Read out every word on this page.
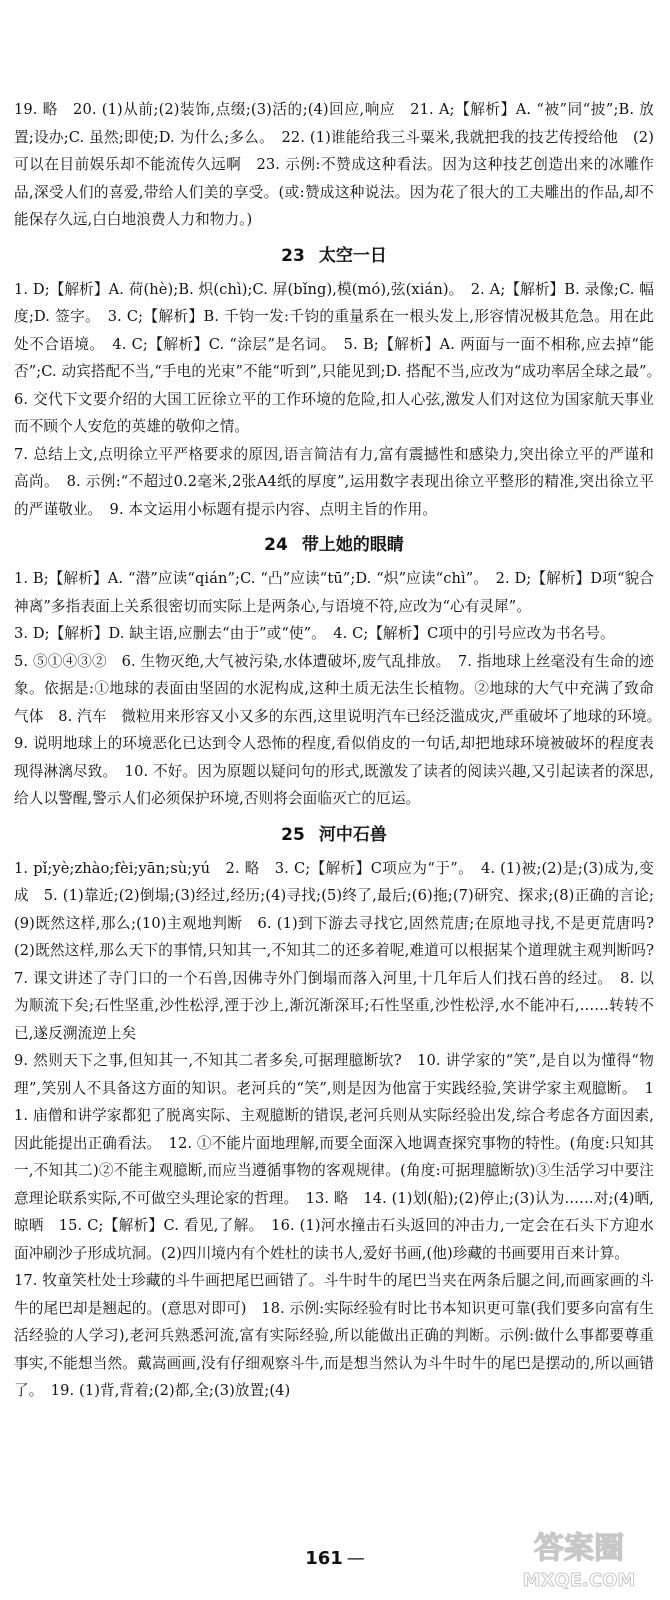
19. 略　20. (1)从前;(2)装饰,点缀;(3)活的;(4)回应,响应　21. A;【解析】A. “被”同“披”;B. 放置;设办;C. 虽然;即使;D. 为什么;多么。　22. (1)谁能给我三斗粟米,我就把我的技艺传授给他　(2)可以在目前娱乐却不能流传久远啊　23. 示例:不赞成这种看法。因为这种技艺创造出来的冰雕作品,深受人们的喜爱,带给人们美的享受。(或:赞成这种说法。因为花了很大的工夫雕出的作品,却不能保存久远,白白地浪费人力和物力。)

23 太空一日

1. D;【解析】A. 荷(hè);B. 炽(chì);C. 屏(bǐng),模(mó),弦(xián)。　2. A;【解析】B. 录像;C. 幅度;D. 签字。　3. C;【解析】B. 千钧一发:千钧的重量系在一根头发上,形容情况极其危急。用在此处不合语境。　4. C;【解析】C. “涂层”是名词。　5. B;【解析】A. 两面与一面不相称,应去掉“能否”;C. 动宾搭配不当,“手电的光束”不能“听到”,只能见到;D. 搭配不当,应改为“成功率居全球之最”。　6. 交代下文要介绍的大国工匠徐立平的工作环境的危险,扣人心弦,激发人们对这位为国家航天事业而不顾个人安危的英雄的敬仰之情。

7. 总结上文,点明徐立平严格要求的原因,语言简洁有力,富有震撼性和感染力,突出徐立平的严谨和高尚。　8. 示例:“不超过0.2毫米,2张A4纸的厚度”,运用数字表现出徐立平整形的精准,突出徐立平的严谨敬业。　9. 本文运用小标题有提示内容、点明主旨的作用。

24 带上她的眼睛

1. B;【解析】A. “潜”应读“qián”;C. “凸”应读“tū”;D. “炽”应读“chì”。　2. D;【解析】D项“貌合神离”多指表面上关系很密切而实际上是两条心,与语境不符,应改为“心有灵犀”。

3. D;【解析】D. 缺主语,应删去“由于”或“使”。　4. C;【解析】C项中的引号应改为书名号。

5. ⑤①④③②　6. 生物灭绝,大气被污染,水体遭破坏,废气乱排放。　7. 指地球上丝毫没有生命的迹象。依据是:①地球的表面由坚固的水泥构成,这种土质无法生长植物。②地球的大气中充满了致命气体　8. 汽车　微粒用来形容又小又多的东西,这里说明汽车已经泛滥成灾,严重破坏了地球的环境。　9. 说明地球上的环境恶化已达到令人恐怖的程度,看似俏皮的一句话,却把地球环境被破坏的程度表现得淋漓尽致。　10. 不好。因为原题以疑问句的形式,既激发了读者的阅读兴趣,又引起读者的深思,给人以警醒,警示人们必须保护环境,否则将会面临灭亡的厄运。

25 河中石兽

1. pǐ;yè;zhào;fèi;yān;sù;yú　2. 略　3. C;【解析】C项应为“于”。　4. (1)被;(2)是;(3)成为,变成　5. (1)靠近;(2)倒塌;(3)经过,经历;(4)寻找;(5)终了,最后;(6)拖;(7)研究、探求;(8)正确的言论;(9)既然这样,那么;(10)主观地判断　6. (1)到下游去寻找它,固然荒唐;在原地寻找,不是更荒唐吗?(2)既然这样,那么天下的事情,只知其一,不知其二的还多着呢,难道可以根据某个道理就主观判断吗?　7. 课文讲述了寺门口的一个石兽,因佛寺外门倒塌而落入河里,十几年后人们找石兽的经过。　8. 以为顺流下矣;石性坚重,沙性松浮,湮于沙上,渐沉渐深耳;石性坚重,沙性松浮,水不能冲石,……转转不已,遂反溯流逆上矣

9. 然则天下之事,但知其一,不知其二者多矣,可据理臆断欤?　10. 讲学家的“笑”,是自以为懂得“物理”,笑别人不具备这方面的知识。老河兵的“笑”,则是因为他富于实践经验,笑讲学家主观臆断。　11. 庙僧和讲学家都犯了脱离实际、主观臆断的错误,老河兵则从实际经验出发,综合考虑各方面因素,因此能提出正确看法。　12. ①不能片面地理解,而要全面深入地调查探究事物的特性。(角度:只知其一,不知其二)②不能主观臆断,而应当遵循事物的客观规律。(角度:可据理臆断欤)③生活学习中要注意理论联系实际,不可做空头理论家的哲理。　13. 略　14. (1)划(船);(2)停止;(3)认为……对;(4)晒,晾晒　15. C;【解析】C. 看见,了解。　16. (1)河水撞击石头返回的冲击力,一定会在石头下方迎水面冲刷沙子形成坑洞。(2)四川境内有个姓杜的读书人,爱好书画,(他)珍藏的书画要用百来计算。

17. 牧童笑杜处士珍藏的斗牛画把尾巴画错了。斗牛时牛的尾巴当夹在两条后腿之间,而画家画的斗牛的尾巴却是翘起的。(意思对即可)　18. 示例:实际经验有时比书本知识更可靠(我们要多向富有生活经验的人学习),老河兵熟悉河流,富有实际经验,所以能做出正确的判断。示例:做什么事都要尊重事实,不能想当然。戴嵩画画,没有仔细观察斗牛,而是想当然认为斗牛时牛的尾巴是摆动的,所以画错了。　19. (1)背,背着;(2)都,全;(3)放置;(4)

161 —	答案圈
MXQE.COM
